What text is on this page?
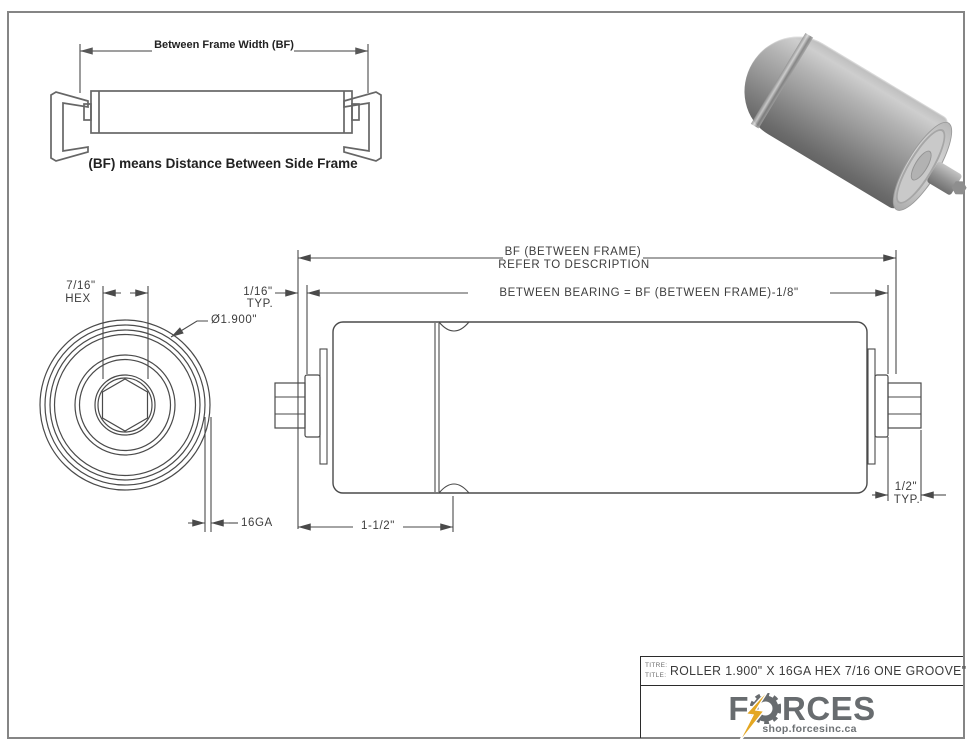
Between Frame Width (BF)
(BF) means Distance Between Side Frame
7/16"
HEX
Ø1.900"
16GA
BF (BETWEEN FRAME)
REFER TO DESCRIPTION
BETWEEN BEARING = BF (BETWEEN FRAME)-1/8"
1/16"
TYP.
1-1/2"
1/2"
TYP.
TITRE:
TITLE: ROLLER 1.900" X 16GA HEX 7/16 ONE GROOVE"
F RCES
shop.forcesinc.ca
